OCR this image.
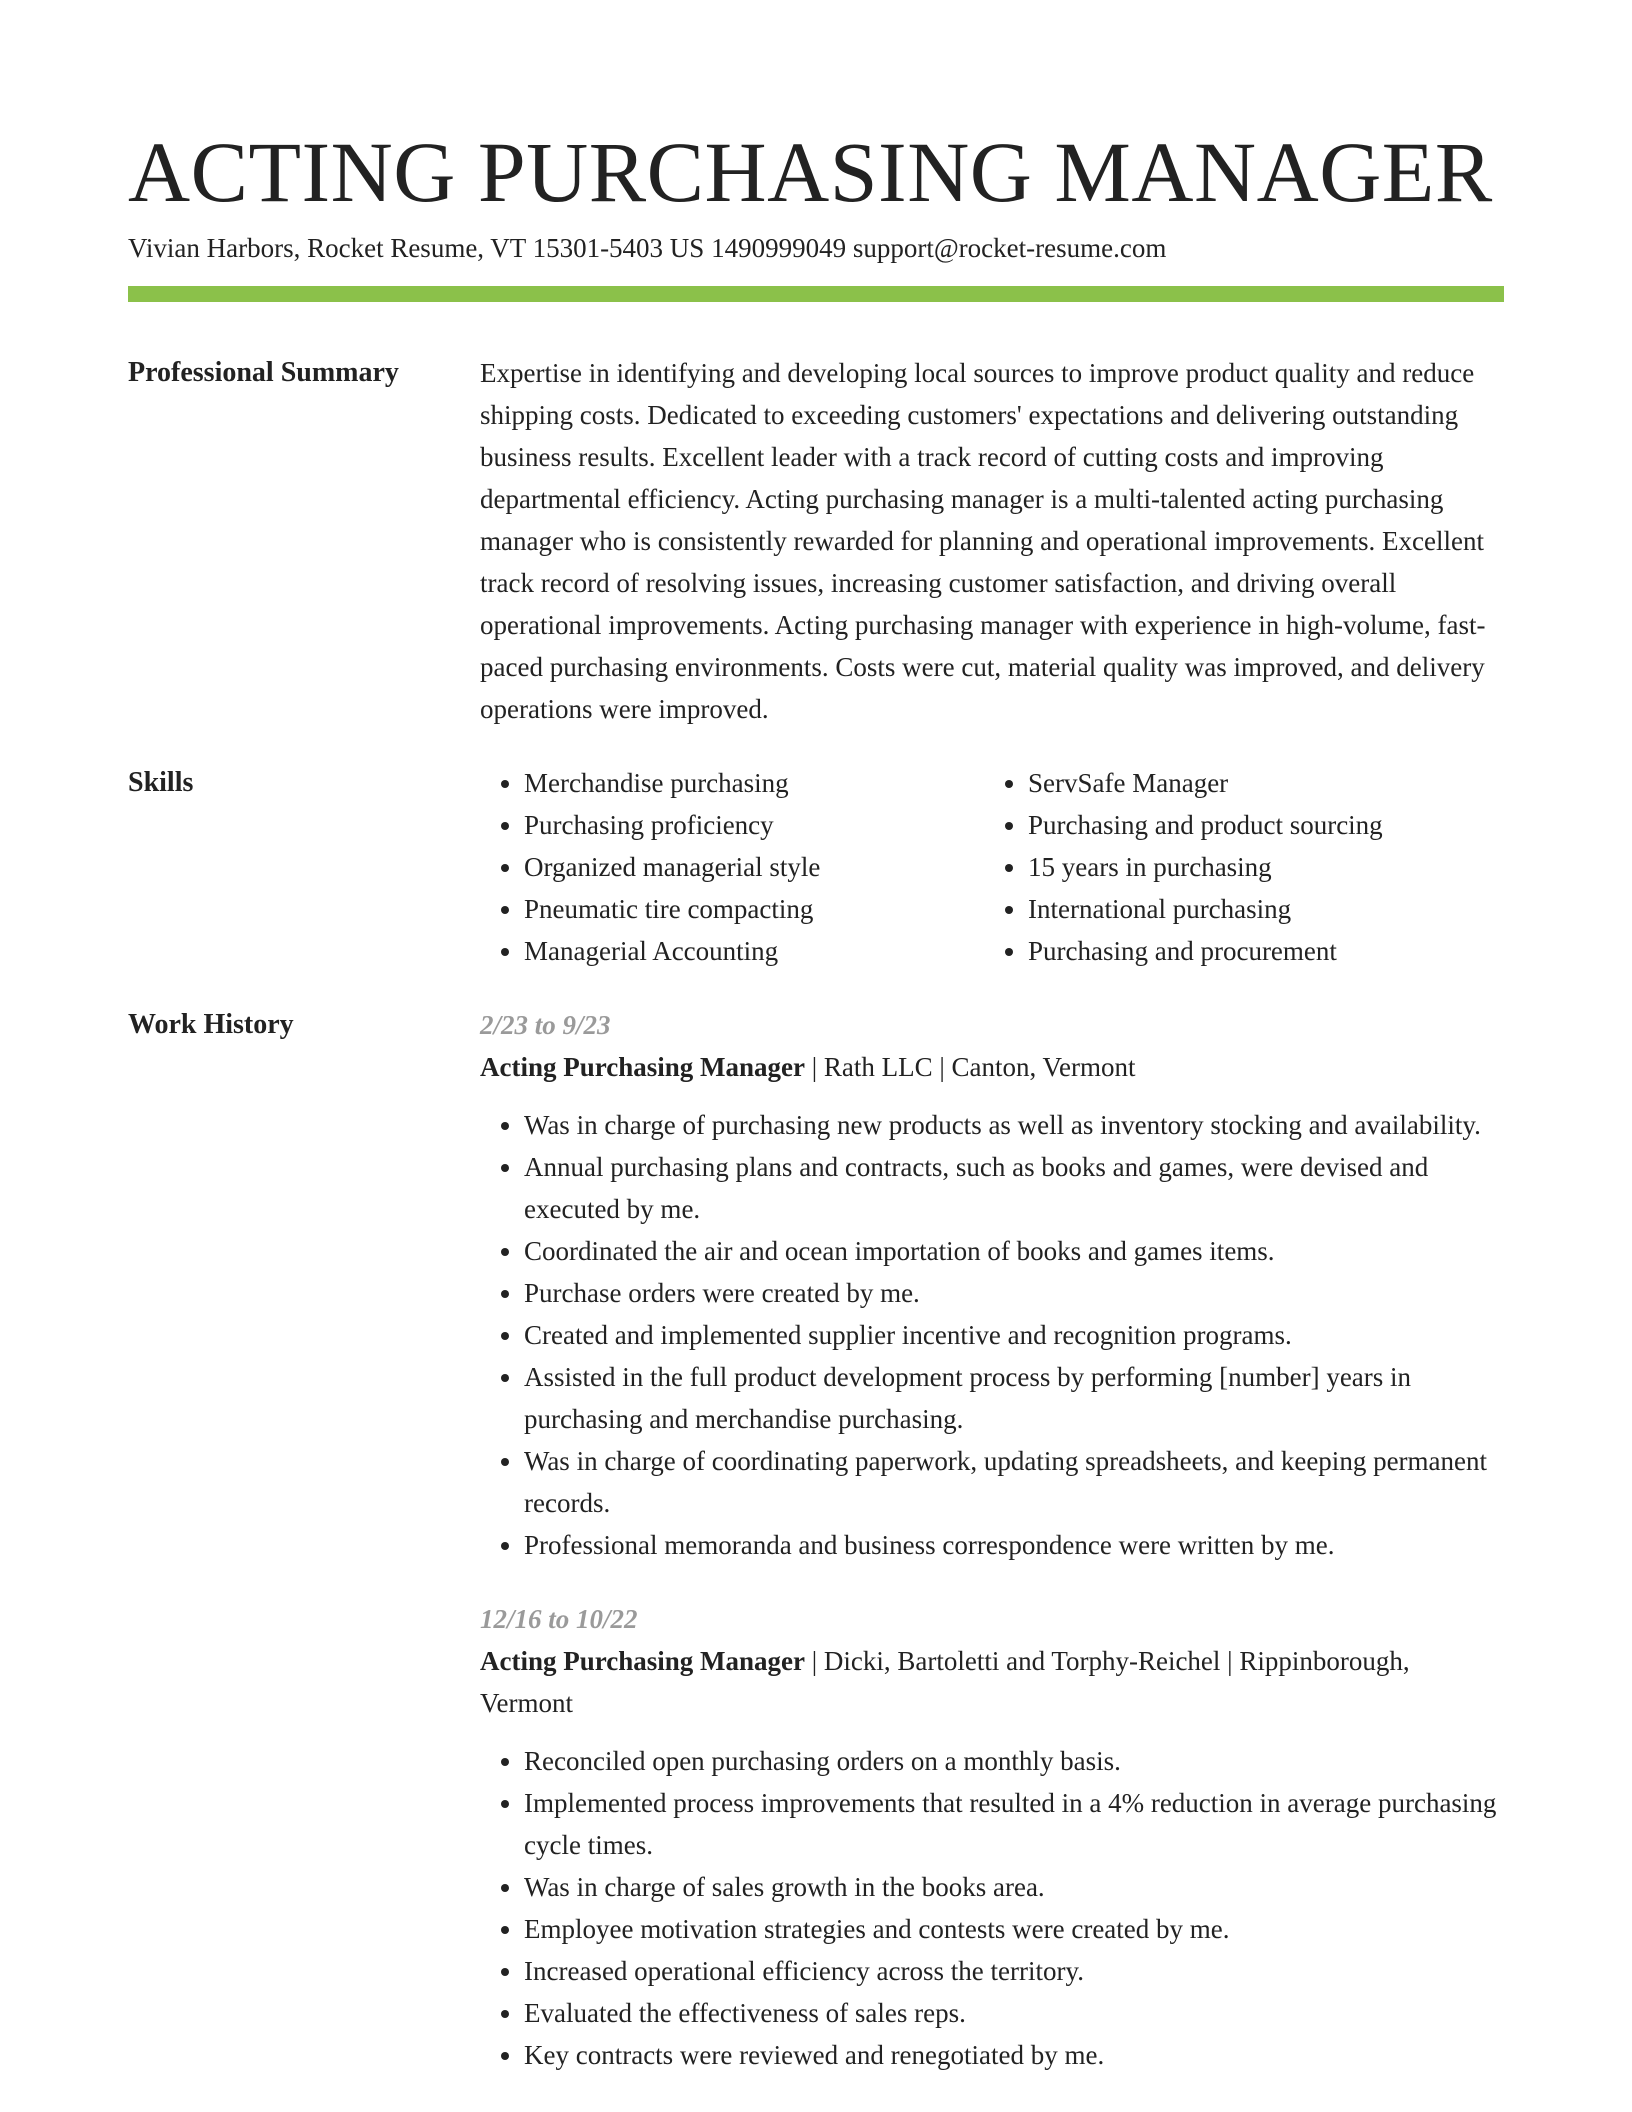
ACTING PURCHASING MANAGER
Vivian Harbors, Rocket Resume, VT 15301-5403 US 1490999049 support@rocket-resume.com
Professional Summary	Expertise in identifying and developing local sources to improve product quality and reduce shipping costs. Dedicated to exceeding customers' expectations and delivering outstanding business results. Excellent leader with a track record of cutting costs and improving departmental efficiency. Acting purchasing manager is a multi-talented acting purchasing manager who is consistently rewarded for planning and operational improvements. Excellent track record of resolving issues, increasing customer satisfaction, and driving overall operational improvements. Acting purchasing manager with experience in high-volume, fast-paced purchasing environments. Costs were cut, material quality was improved, and delivery operations were improved.
Skills
•	Merchandise purchasing
• Purchasing proficiency
• Organized managerial style
• Pneumatic tire compacting
• Managerial Accounting
• ServSafe Manager
• Purchasing and product sourcing
• 15 years in purchasing
• International purchasing
• Purchasing and procurement
Work History	2/23 to 9/23
Acting Purchasing Manager | Rath LLC | Canton, Vermont
• Was in charge of purchasing new products as well as inventory stocking and availability.
• Annual purchasing plans and contracts, such as books and games, were devised and executed by me.
• Coordinated the air and ocean importation of books and games items.
• Purchase orders were created by me.
• Created and implemented supplier incentive and recognition programs.
• Assisted in the full product development process by performing [number] years in purchasing and merchandise purchasing.
• Was in charge of coordinating paperwork, updating spreadsheets, and keeping permanent records.
• Professional memoranda and business correspondence were written by me.
12/16 to 10/22
Acting Purchasing Manager | Dicki, Bartoletti and Torphy-Reichel | Rippinborough, Vermont
• Reconciled open purchasing orders on a monthly basis.
• Implemented process improvements that resulted in a 4% reduction in average purchasing cycle times.
• Was in charge of sales growth in the books area.
• Employee motivation strategies and contests were created by me.
• Increased operational efficiency across the territory.
• Evaluated the effectiveness of sales reps.
• Key contracts were reviewed and renegotiated by me.
